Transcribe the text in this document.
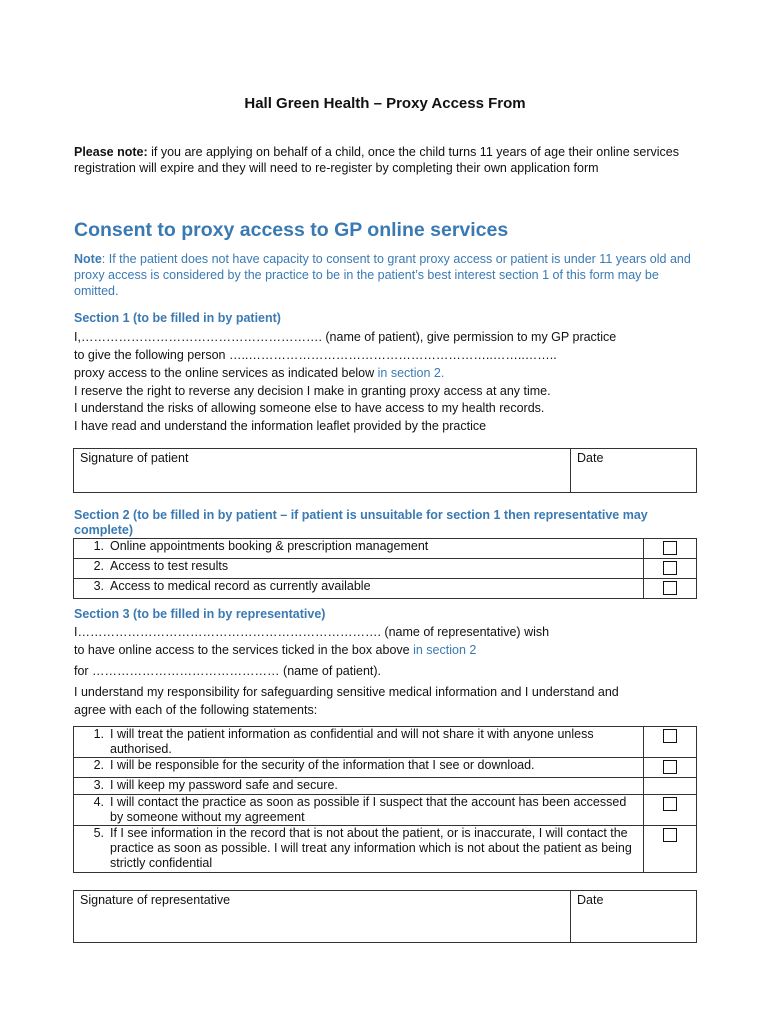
Hall Green Health – Proxy Access From
Please note: if you are applying on behalf of a child, once the child turns 11 years of age their online services registration will expire and they will need to re-register by completing their own application form
Consent to proxy access to GP online services
Note: If the patient does not have capacity to consent to grant proxy access or patient is under 11 years old and proxy access is considered by the practice to be in the patient’s best interest section 1 of this form may be omitted.
Section 1 (to be filled in by patient)
I,…………………………………………………. (name of patient), give permission to my GP practice
to give the following person …..…………………………………………………..……..……..
proxy access to the online services as indicated below in section 2.
I reserve the right to reverse any decision I make in granting proxy access at any time.
I understand the risks of allowing someone else to have access to my health records.
I have read and understand the information leaflet provided by the practice
Signature of patient	Date
Section 2 (to be filled in by patient – if patient is unsuitable for section 1 then representative may complete)
1. Online appointments booking & prescription management	

2. Access to test results	

3. Access to medical record as currently available	

Section 3 (to be filled in by representative)
I………………………………………………………………. (name of representative) wish
to have online access to the services ticked in the box above in section 2
for ……………………………………… (name of patient).
I understand my responsibility for safeguarding sensitive medical information and I understand and
agree with each of the following statements:
1. I will treat the patient information as confidential and will not share it with anyone unless authorised.	

2. I will be responsible for the security of the information that I see or download.	

3. I will keep my password safe and secure.	

4. I will contact the practice as soon as possible if I suspect that the account has been accessed by someone without my agreement	

5. If I see information in the record that is not about the patient, or is inaccurate, I will contact the practice as soon as possible. I will treat any information which is not about the patient as being strictly confidential	

Signature of representative	Date
